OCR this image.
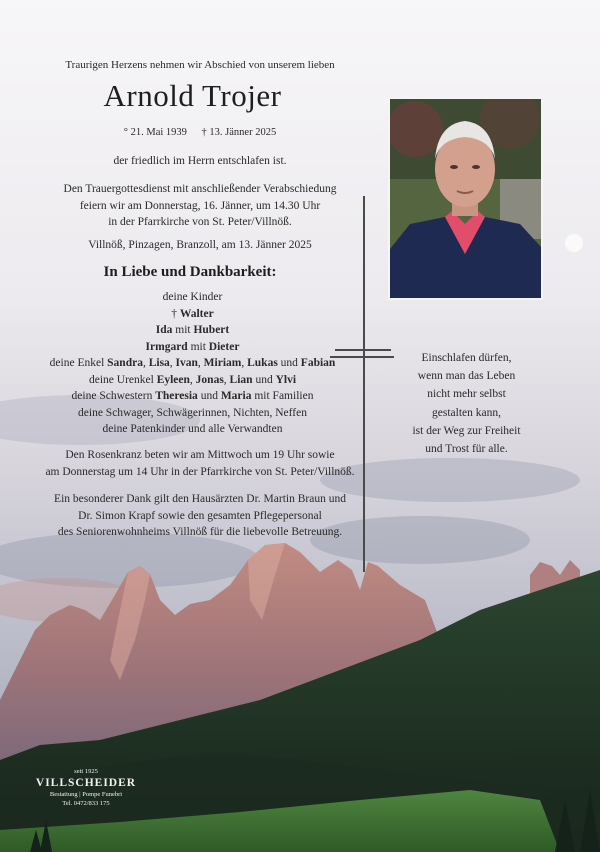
Traurigen Herzens nehmen wir Abschied von unserem lieben
Arnold Trojer
° 21. Mai 1939 † 13. Jänner 2025
der friedlich im Herrn entschlafen ist.
Den Trauergottesdienst mit anschließender Verabschiedung
feiern wir am Donnerstag, 16. Jänner, um 14.30 Uhr
in der Pfarrkirche von St. Peter/Villnöß.
Villnöß, Pinzagen, Branzoll, am 13. Jänner 2025
In Liebe und Dankbarkeit:
deine Kinder
† Walter
Ida mit Hubert
Irmgard mit Dieter
deine Enkel Sandra, Lisa, Ivan, Miriam, Lukas und Fabian
deine Urenkel Eyleen, Jonas, Lian und Ylvi
deine Schwestern Theresia und Maria mit Familien
deine Schwager, Schwägerinnen, Nichten, Neffen
deine Patenkinder und alle Verwandten
Den Rosenkranz beten wir am Mittwoch um 19 Uhr sowie
am Donnerstag um 14 Uhr in der Pfarrkirche von St. Peter/Villnöß.
Ein besonderer Dank gilt den Hausärzten Dr. Martin Braun und
Dr. Simon Krapf sowie den gesamten Pflegepersonal
des Seniorenwohnheims Villnöß für die liebevolle Betreuung.
Einschlafen dürfen,
wenn man das Leben
nicht mehr selbst
gestalten kann,
ist der Weg zur Freiheit
und Trost für alle.
seit 1925
VILLSCHEIDER
Bestattung | Pompe Funebri
Tel. 0472/833 175
